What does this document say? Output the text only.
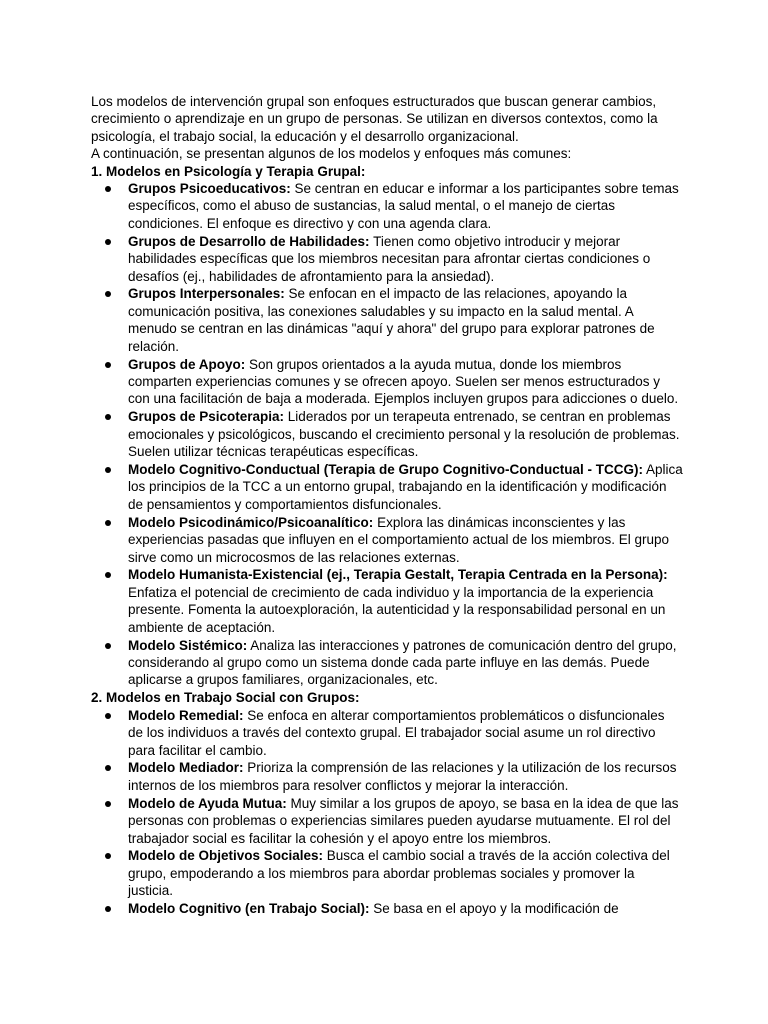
Los modelos de intervención grupal son enfoques estructurados que buscan generar cambios, crecimiento o aprendizaje en un grupo de personas. Se utilizan en diversos contextos, como la psicología, el trabajo social, la educación y el desarrollo organizacional.

A continuación, se presentan algunos de los modelos y enfoques más comunes:

1. Modelos en Psicología y Terapia Grupal:

Grupos Psicoeducativos: Se centran en educar e informar a los participantes sobre temas específicos, como el abuso de sustancias, la salud mental, o el manejo de ciertas condiciones. El enfoque es directivo y con una agenda clara.
Grupos de Desarrollo de Habilidades: Tienen como objetivo introducir y mejorar habilidades específicas que los miembros necesitan para afrontar ciertas condiciones o desafíos (ej., habilidades de afrontamiento para la ansiedad).
Grupos Interpersonales: Se enfocan en el impacto de las relaciones, apoyando la comunicación positiva, las conexiones saludables y su impacto en la salud mental. A menudo se centran en las dinámicas "aquí y ahora" del grupo para explorar patrones de relación.
Grupos de Apoyo: Son grupos orientados a la ayuda mutua, donde los miembros comparten experiencias comunes y se ofrecen apoyo. Suelen ser menos estructurados y con una facilitación de baja a moderada. Ejemplos incluyen grupos para adicciones o duelo.
Grupos de Psicoterapia: Liderados por un terapeuta entrenado, se centran en problemas emocionales y psicológicos, buscando el crecimiento personal y la resolución de problemas. Suelen utilizar técnicas terapéuticas específicas.
Modelo Cognitivo-Conductual (Terapia de Grupo Cognitivo-Conductual - TCCG): Aplica los principios de la TCC a un entorno grupal, trabajando en la identificación y modificación de pensamientos y comportamientos disfuncionales.
Modelo Psicodinámico/Psicoanalítico: Explora las dinámicas inconscientes y las experiencias pasadas que influyen en el comportamiento actual de los miembros. El grupo sirve como un microcosmos de las relaciones externas.
Modelo Humanista-Existencial (ej., Terapia Gestalt, Terapia Centrada en la Persona): Enfatiza el potencial de crecimiento de cada individuo y la importancia de la experiencia presente. Fomenta la autoexploración, la autenticidad y la responsabilidad personal en un ambiente de aceptación.
Modelo Sistémico: Analiza las interacciones y patrones de comunicación dentro del grupo, considerando al grupo como un sistema donde cada parte influye en las demás. Puede aplicarse a grupos familiares, organizacionales, etc.

2. Modelos en Trabajo Social con Grupos:

Modelo Remedial: Se enfoca en alterar comportamientos problemáticos o disfuncionales de los individuos a través del contexto grupal. El trabajador social asume un rol directivo para facilitar el cambio.
Modelo Mediador: Prioriza la comprensión de las relaciones y la utilización de los recursos internos de los miembros para resolver conflictos y mejorar la interacción.
Modelo de Ayuda Mutua: Muy similar a los grupos de apoyo, se basa en la idea de que las personas con problemas o experiencias similares pueden ayudarse mutuamente. El rol del trabajador social es facilitar la cohesión y el apoyo entre los miembros.
Modelo de Objetivos Sociales: Busca el cambio social a través de la acción colectiva del grupo, empoderando a los miembros para abordar problemas sociales y promover la justicia.
Modelo Cognitivo (en Trabajo Social): Se basa en el apoyo y la modificación de
